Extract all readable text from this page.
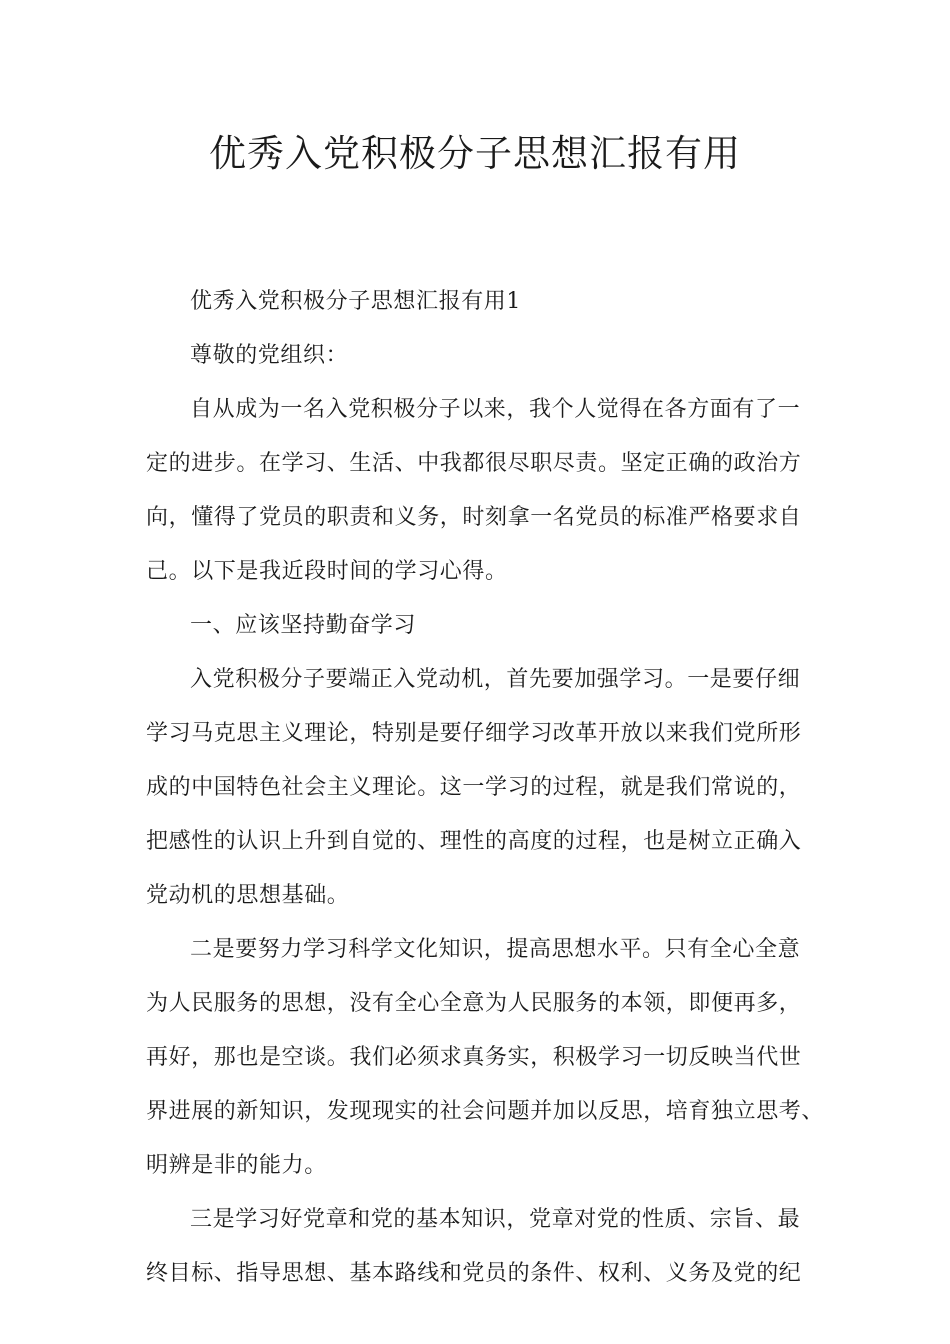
优秀入党积极分子思想汇报有用
优秀入党积极分子思想汇报有用1
尊敬的党组织：
自从成为一名入党积极分子以来，我个人觉得在各方面有了一
定的进步。在学习、生活、中我都很尽职尽责。坚定正确的政治方
向，懂得了党员的职责和义务，时刻拿一名党员的标准严格要求自
己。以下是我近段时间的学习心得。
一、应该坚持勤奋学习
入党积极分子要端正入党动机，首先要加强学习。一是要仔细
学习马克思主义理论，特别是要仔细学习改革开放以来我们党所形
成的中国特色社会主义理论。这一学习的过程，就是我们常说的，
把感性的认识上升到自觉的、理性的高度的过程，也是树立正确入
党动机的思想基础。
二是要努力学习科学文化知识，提高思想水平。只有全心全意
为人民服务的思想，没有全心全意为人民服务的本领，即便再多，
再好，那也是空谈。我们必须求真务实，积极学习一切反映当代世
界进展的新知识，发现现实的社会问题并加以反思，培育独立思考、
明辨是非的能力。
三是学习好党章和党的基本知识，党章对党的性质、宗旨、最
终目标、指导思想、基本路线和党员的条件、权利、义务及党的纪
